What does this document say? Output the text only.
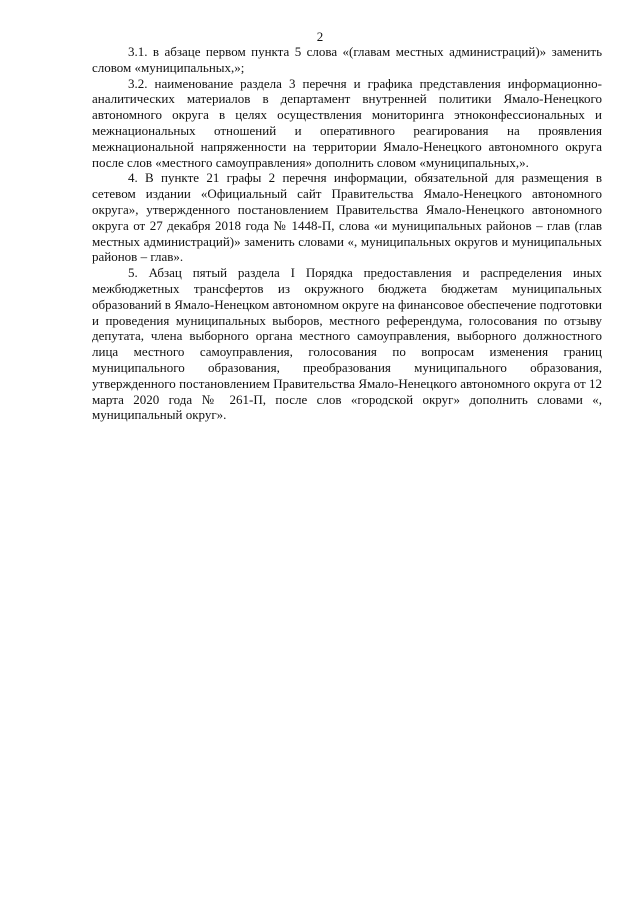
2

3.1. в абзаце первом пункта 5 слова «(главам местных администраций)» заменить словом «муниципальных,»;

3.2. наименование раздела 3 перечня и графика представления информационно-аналитических материалов в департамент внутренней политики Ямало-Ненецкого автономного округа в целях осуществления мониторинга этноконфессиональных и межнациональных отношений и оперативного реагирования на проявления межнациональной напряженности на территории Ямало-Ненецкого автономного округа после слов «местного самоуправления» дополнить словом «муниципальных,».

4. В пункте 21 графы 2 перечня информации, обязательной для размещения в сетевом издании «Официальный сайт Правительства Ямало-Ненецкого автономного округа», утвержденного постановлением Правительства Ямало-Ненецкого автономного округа от 27 декабря 2018 года № 1448-П, слова «и муниципальных районов – глав (глав местных администраций)» заменить словами «, муниципальных округов и муниципальных районов – глав».

5. Абзац пятый раздела I Порядка предоставления и распределения иных межбюджетных трансфертов из окружного бюджета бюджетам муниципальных образований в Ямало-Ненецком автономном округе на финансовое обеспечение подготовки и проведения муниципальных выборов, местного референдума, голосования по отзыву депутата, члена выборного органа местного самоуправления, выборного должностного лица местного самоуправления, голосования по вопросам изменения границ муниципального образования, преобразования муниципального образования, утвержденного постановлением Правительства Ямало-Ненецкого автономного округа от 12 марта 2020 года № 261-П, после слов «городской округ» дополнить словами «, муниципальный округ».
